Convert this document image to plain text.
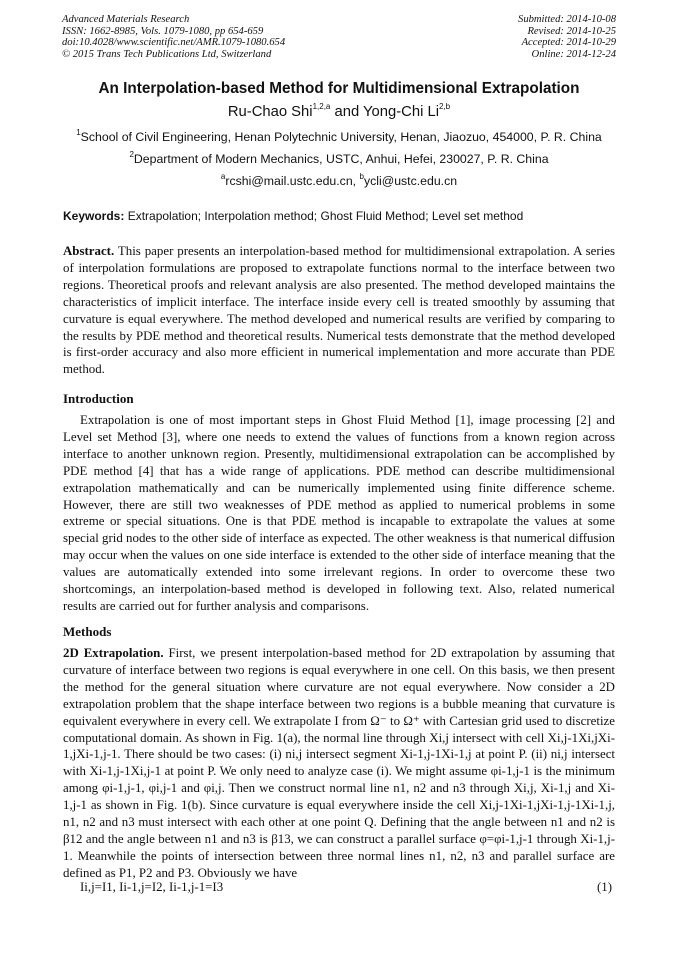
Advanced Materials Research
ISSN: 1662-8985, Vols. 1079-1080, pp 654-659
doi:10.4028/www.scientific.net/AMR.1079-1080.654
© 2015 Trans Tech Publications Ltd, Switzerland
Submitted: 2014-10-08
Revised: 2014-10-25
Accepted: 2014-10-29
Online: 2014-12-24
An Interpolation-based Method for Multidimensional Extrapolation
Ru-Chao Shi$^{1,2,a}$ and Yong-Chi Li$^{2,b}$
$^1$School of Civil Engineering, Henan Polytechnic University, Henan, Jiaozuo, 454000, P. R. China
$^2$Department of Modern Mechanics, USTC, Anhui, Hefei, 230027, P. R. China
$^a$rcshi@mail.ustc.edu.cn, $^b$ycli@ustc.edu.cn
Keywords: Extrapolation; Interpolation method; Ghost Fluid Method; Level set method

Abstract. This paper presents an interpolation-based method for multidimensional extrapolation. A series of interpolation formulations are proposed to extrapolate functions normal to the interface between two regions. Theoretical proofs and relevant analysis are also presented. The method developed maintains the characteristics of implicit interface. The interface inside every cell is treated smoothly by assuming that curvature is equal everywhere. The method developed and numerical results are verified by comparing to the results by PDE method and theoretical results. Numerical tests demonstrate that the method developed is first-order accuracy and also more efficient in numerical implementation and more accurate than PDE method.

Introduction

Extrapolation is one of most important steps in Ghost Fluid Method [1], image processing [2] and Level set Method [3], where one needs to extend the values of functions from a known region across interface to another unknown region. Presently, multidimensional extrapolation can be accomplished by PDE method [4] that has a wide range of applications. PDE method can describe multidimensional extrapolation mathematically and can be numerically implemented using finite difference scheme. However, there are still two weaknesses of PDE method as applied to numerical problems in some extreme or special situations. One is that PDE method is incapable to extrapolate the values at some special grid nodes to the other side of interface as expected. The other weakness is that numerical diffusion may occur when the values on one side interface is extended to the other side of interface meaning that the values are automatically extended into some irrelevant regions. In order to overcome these two shortcomings, an interpolation-based method is developed in following text. Also, related numerical results are carried out for further analysis and comparisons.

Methods

2D Extrapolation. First, we present interpolation-based method for 2D extrapolation by assuming that curvature of interface between two regions is equal everywhere in one cell. On this basis, we then present the method for the general situation where curvature are not equal everywhere. Now consider a 2D extrapolation problem that the shape interface between two regions is a bubble meaning that curvature is equivalent everywhere in every cell. We extrapolate I from Ω⁻ to Ω⁺ with Cartesian grid used to discretize computational domain. As shown in Fig. 1(a), the normal line through Xi,j intersect with cell Xi,j-1Xi,jXi-1,jXi-1,j-1. There should be two cases: (i) ni,j intersect segment Xi-1,j-1Xi-1,j at point P. (ii) ni,j intersect with Xi-1,j-1Xi,j-1 at point P. We only need to analyze case (i). We might assume φi-1,j-1 is the minimum among φi-1,j-1, φi,j-1 and φi,j. Then we construct normal line n1, n2 and n3 through Xi,j, Xi-1,j and Xi-1,j-1 as shown in Fig. 1(b). Since curvature is equal everywhere inside the cell Xi,j-1Xi-1,jXi-1,j-1Xi-1,j, n1, n2 and n3 must intersect with each other at one point Q. Defining that the angle between n1 and n2 is β12 and the angle between n1 and n3 is β13, we can construct a parallel surface φ=φi-1,j-1 through Xi-1,j-1. Meanwhile the points of intersection between three normal lines n1, n2, n3 and parallel surface are defined as P1, P2 and P3. Obviously we have

Ii,j=I1, Ii-1,j=I2, Ii-1,j-1=I3	(1)
